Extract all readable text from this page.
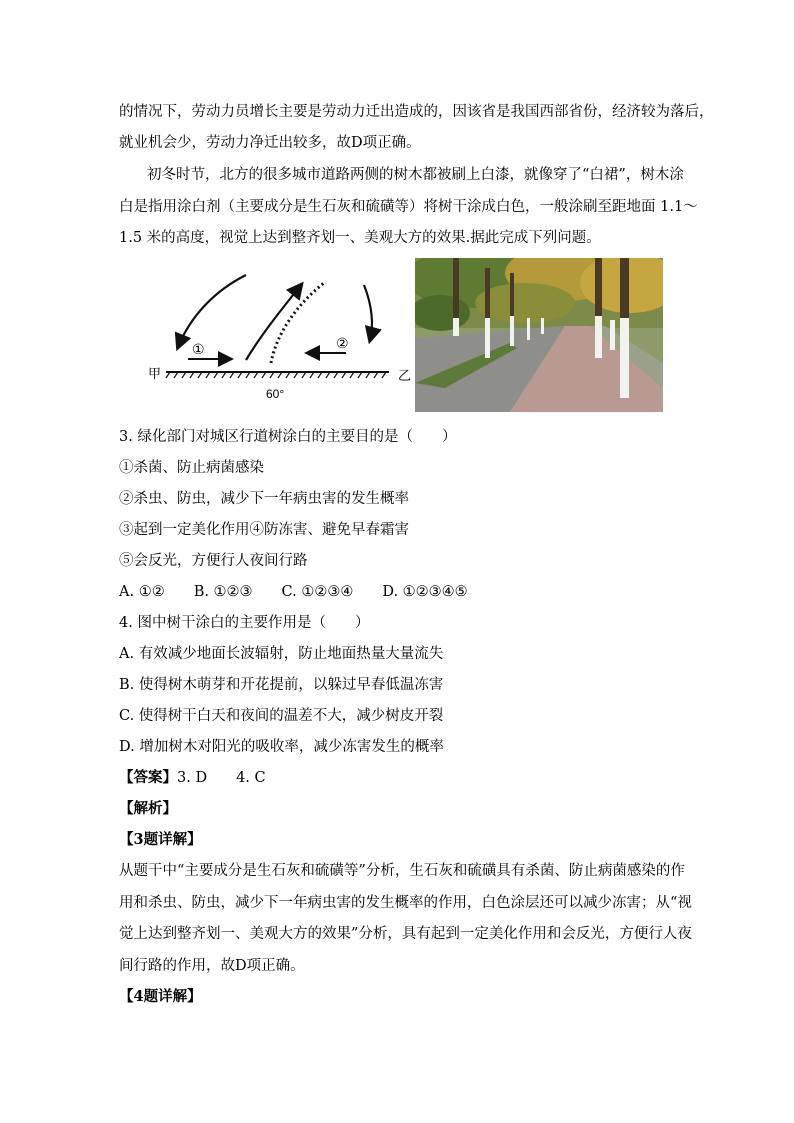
的情况下，劳动力员增长主要是劳动力迁出造成的，因该省是我国西部省份，经济较为落后，
就业机会少，劳动力净迁出较多，故D项正确。
初冬时节，北方的很多城市道路两侧的树木都被刷上白漆，就像穿了“白裙”，树木涂
白是指用涂白剂（主要成分是生石灰和硫磺等）将树干涂成白色，一般涂刷至距地面 1.1～
1.5 米的高度，视觉上达到整齐划一、美观大方的效果.据此完成下列问题。
甲	乙
60°
①	②
3. 绿化部门对城区行道树涂白的主要目的是（　　）
①杀菌、防止病菌感染
②杀虫、防虫，减少下一年病虫害的发生概率
③起到一定美化作用④防冻害、避免早春霜害
⑤会反光，方便行人夜间行路
A. ①②　　B. ①②③　　C. ①②③④　　D. ①②③④⑤
4. 图中树干涂白的主要作用是（　　）
A. 有效减少地面长波辐射，防止地面热量大量流失
B. 使得树木萌芽和开花提前，以躲过早春低温冻害
C. 使得树干白天和夜间的温差不大，减少树皮开裂
D. 增加树木对阳光的吸收率，减少冻害发生的概率
【答案】3. D　　4. C
【解析】
【3题详解】
从题干中“主要成分是生石灰和硫磺等”分析，生石灰和硫磺具有杀菌、防止病菌感染的作
用和杀虫、防虫，减少下一年病虫害的发生概率的作用，白色涂层还可以减少冻害；从“视
觉上达到整齐划一、美观大方的效果”分析，具有起到一定美化作用和会反光，方便行人夜
间行路的作用，故D项正确。
【4题详解】
